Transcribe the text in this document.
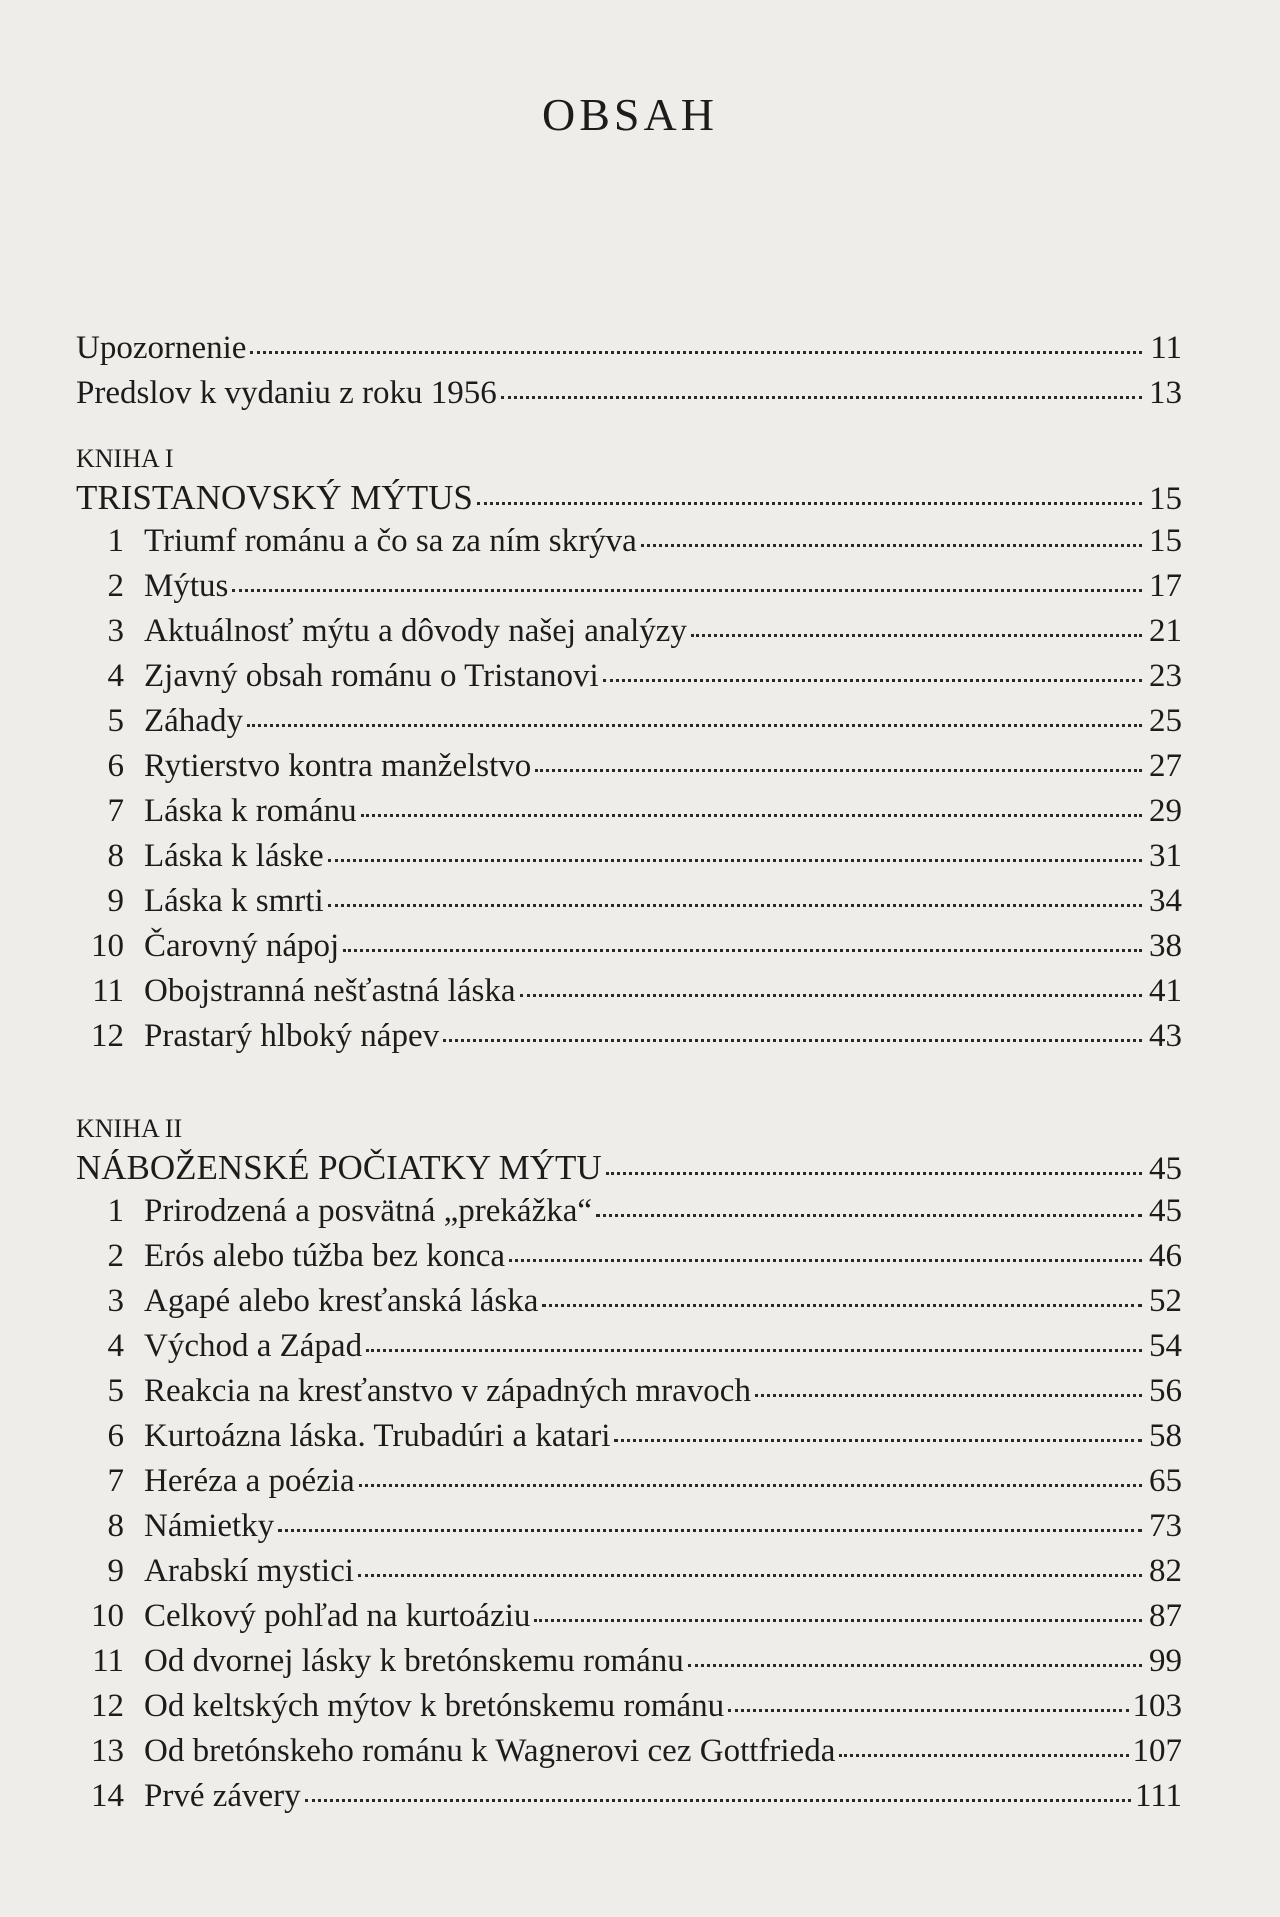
OBSAH
Upozornenie	11
Predslov k vydaniu z roku 1956	13
KNIHA I
TRISTANOVSKÝ MÝTUS	15
1 Triumf románu a čo sa za ním skrýva	15
2 Mýtus	17
3 Aktuálnosť mýtu a dôvody našej analýzy	21
4 Zjavný obsah románu o Tristanovi	23
5 Záhady	25
6 Rytierstvo kontra manželstvo	27
7 Láska k románu	29
8 Láska k láske	31
9 Láska k smrti	34
10 Čarovný nápoj	38
11 Obojstranná nešťastná láska	41
12 Prastarý hlboký nápev	43
KNIHA II
NÁBOŽENSKÉ POČIATKY MÝTU	45
1 Prirodzená a posvätná „prekážka“	45
2 Erós alebo túžba bez konca	46
3 Agapé alebo kresťanská láska	52
4 Východ a Západ	54
5 Reakcia na kresťanstvo v západných mravoch	56
6 Kurtoázna láska. Trubadúri a katari	58
7 Heréza a poézia	65
8 Námietky	73
9 Arabskí mystici	82
10 Celkový pohľad na kurtoáziu	87
11 Od dvornej lásky k bretónskemu románu	99
12 Od keltských mýtov k bretónskemu románu	103
13 Od bretónskeho románu k Wagnerovi cez Gottfrieda	107
14 Prvé závery	111
